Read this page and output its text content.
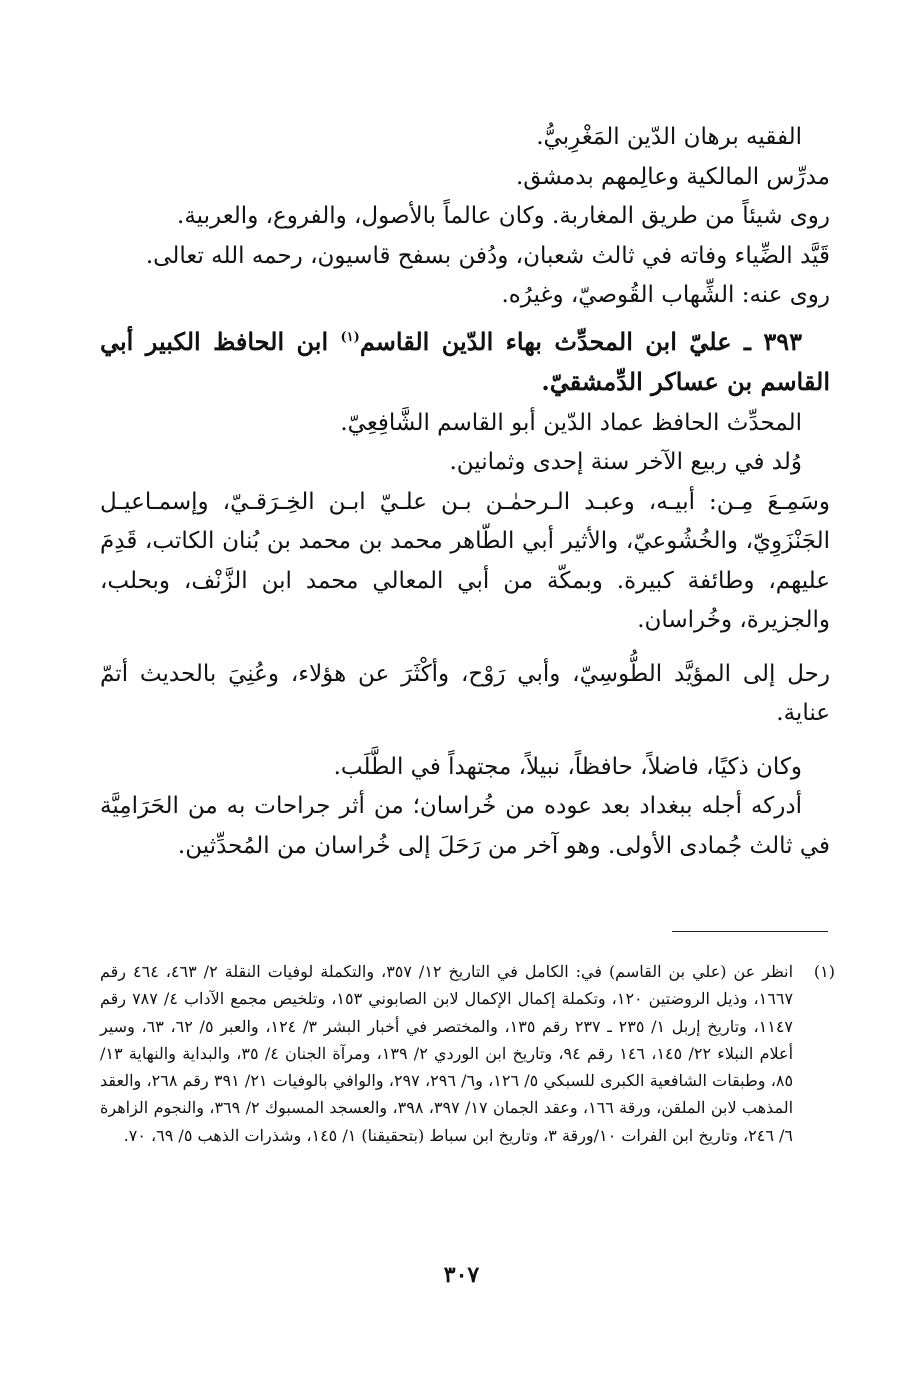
الفقيه برهان الدّين المَغْرِبيُّ.

مدرِّس المالكية وعالِمهم بدمشق.

روى شيئاً من طريق المغاربة. وكان عالماً بالأصول، والفروع، والعربية.

قَيَّد الضِّياء وفاته في ثالث شعبان، ودُفن بسفح قاسيون، رحمه الله تعالى.

روى عنه: الشِّهاب القُوصيّ، وغيرُه.

٣٩٣ ـ عليّ ابن المحدِّث بهاء الدّين القاسم$^{(١)}$ ابن الحافظ الكبير أبي القاسم بن عساكر الدِّمشقيّ.

المحدِّث الحافظ عماد الدّين أبو القاسم الشَّافِعِيّ.

وُلد في ربيع الآخر سنة إحدى وثمانين.

وسَمِـعَ مِـن: أبيـه، وعبـد الـرحمٰـن بـن علـيّ ابـن الخِـرَقـيّ، وإسمـاعيـل الجَنْزَوِيّ، والخُشُوعيّ، والأثير أبي الطّاهر محمد بن محمد بن بُنان الكاتب، قَدِمَ عليهم، وطائفة كبيرة. وبمكّة من أبي المعالي محمد ابن الزَّنْف، وبحلب، والجزيرة، وخُراسان.

رحل إلى المؤيَّد الطُّوسِيّ، وأبي رَوْح، وأكْثَرَ عن هؤلاء، وعُنِيَ بالحديث أتمّ عناية.

وكان ذكيًا، فاضلاً، حافظاً، نبيلاً، مجتهداً في الطَّلَب.

أدركه أجله ببغداد بعد عوده من خُراسان؛ من أثر جراحات به من الحَرَامِيَّة في ثالث جُمادى الأولى. وهو آخر من رَحَلَ إلى خُراسان من المُحدِّثين.

(١)
انظر عن (علي بن القاسم) في: الكامل في التاريخ ١٢/ ٣٥٧، والتكملة لوفيات النقلة ٢/ ٤٦٣، ٤٦٤ رقم ١٦٦٧، وذيل الروضتين ١٢٠، وتكملة إكمال الإكمال لابن الصابوني ١٥٣، وتلخيص مجمع الآداب ٤/ ٧٨٧ رقم ١١٤٧، وتاريخ إربل ١/ ٢٣٥ ـ ٢٣٧ رقم ١٣٥، والمختصر في أخبار البشر ٣/ ١٢٤، والعبر ٥/ ٦٢، ٦٣، وسير أعلام النبلاء ٢٢/ ١٤٥، ١٤٦ رقم ٩٤، وتاريخ ابن الوردي ٢/ ١٣٩، ومرآة الجنان ٤/ ٣٥، والبداية والنهاية ١٣/ ٨٥، وطبقات الشافعية الكبرى للسبكي ٥/ ١٢٦، و٦/ ٢٩٦، ٢٩٧، والوافي بالوفيات ٢١/ ٣٩١ رقم ٢٦٨، والعقد المذهب لابن الملقن، ورقة ١٦٦، وعقد الجمان ١٧/ ٣٩٧، ٣٩٨، والعسجد المسبوك ٢/ ٣٦٩، والنجوم الزاهرة ٦/ ٢٤٦، وتاريخ ابن الفرات ١٠/ورقة ٣، وتاريخ ابن سباط (بتحقيقنا) ١/ ١٤٥، وشذرات الذهب ٥/ ٦٩، ٧٠.
٣٠٧
